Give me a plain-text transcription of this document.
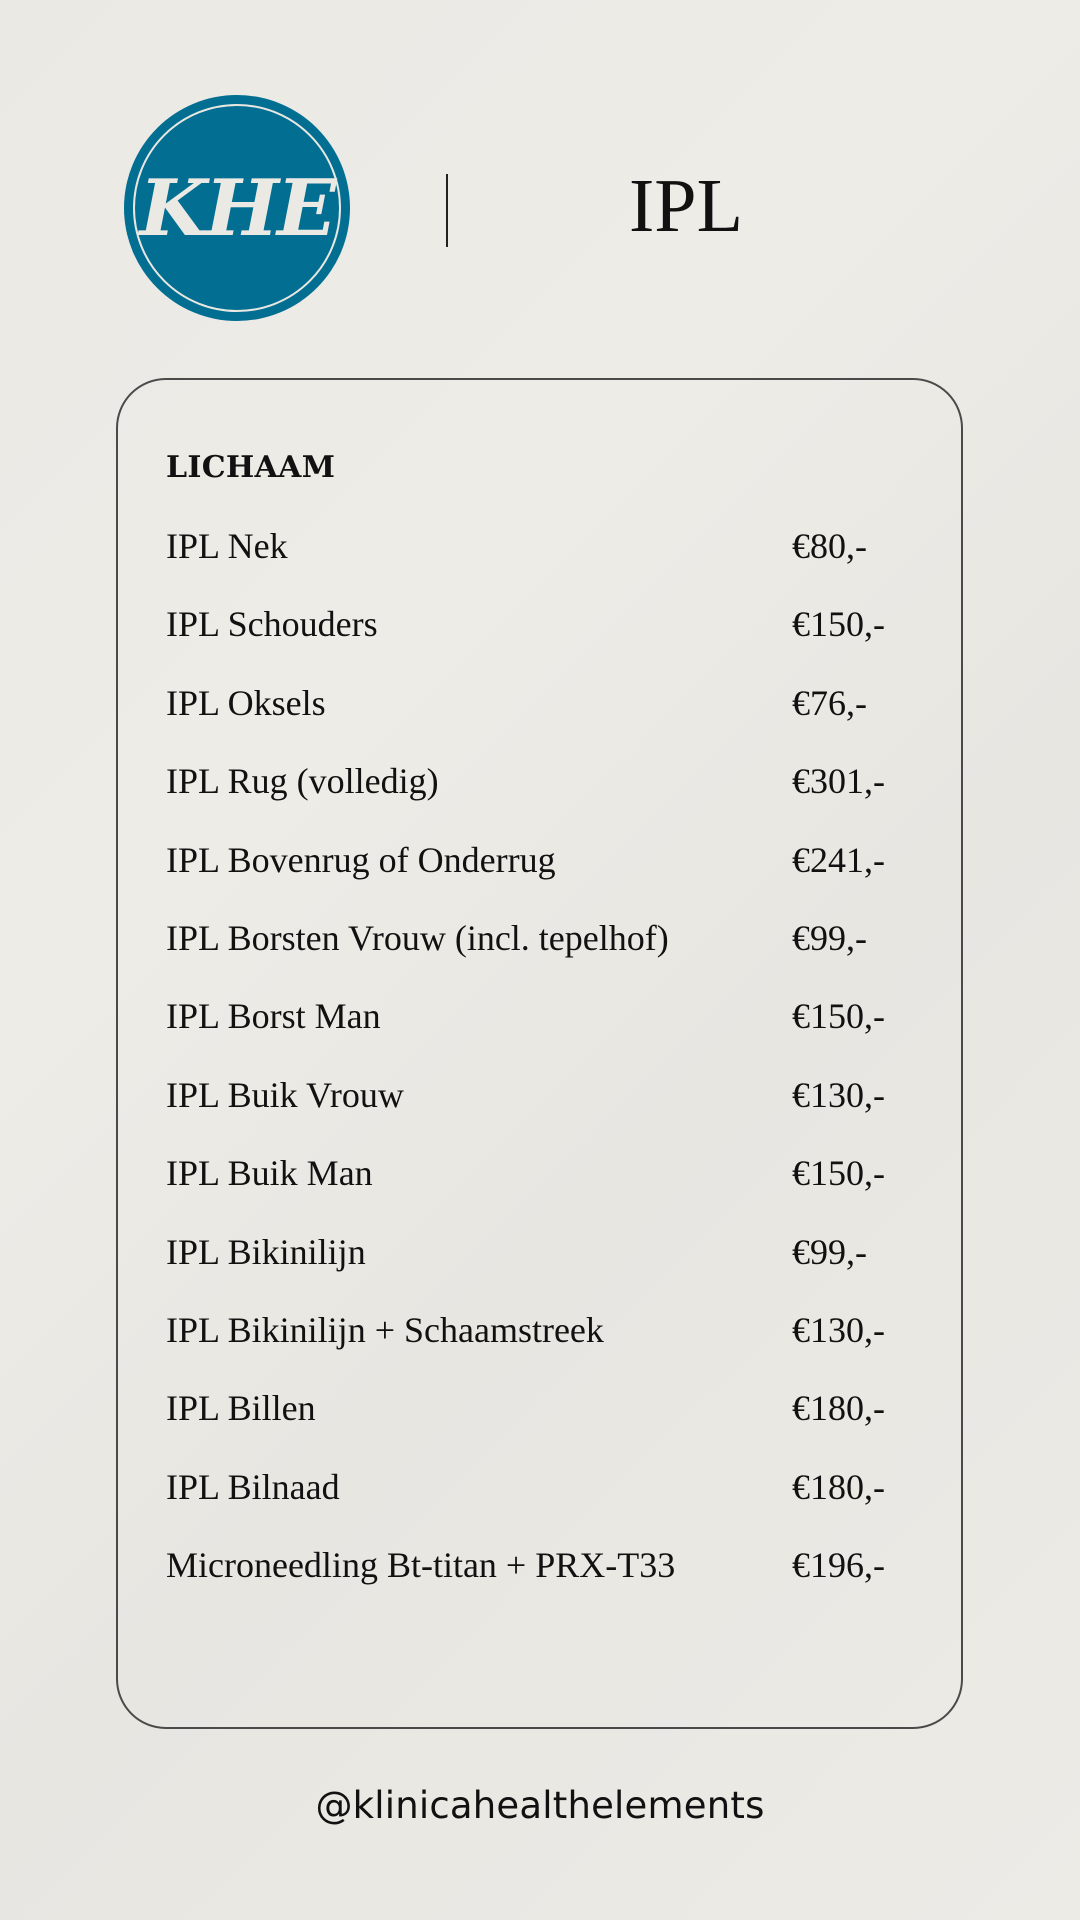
KHE	IPL
LICHAAM
IPL Nek	€80,-
IPL Schouders	€150,-
IPL Oksels	€76,-
IPL Rug (volledig)	€301,-
IPL Bovenrug of Onderrug	€241,-
IPL Borsten Vrouw (incl. tepelhof)	€99,-
IPL Borst Man	€150,-
IPL Buik Vrouw	€130,-
IPL Buik Man	€150,-
IPL Bikinilijn	€99,-
IPL Bikinilijn + Schaamstreek	€130,-
IPL Billen	€180,-
IPL Bilnaad	€180,-
Microneedling Bt-titan + PRX-T33	€196,-
@klinicahealthelements
